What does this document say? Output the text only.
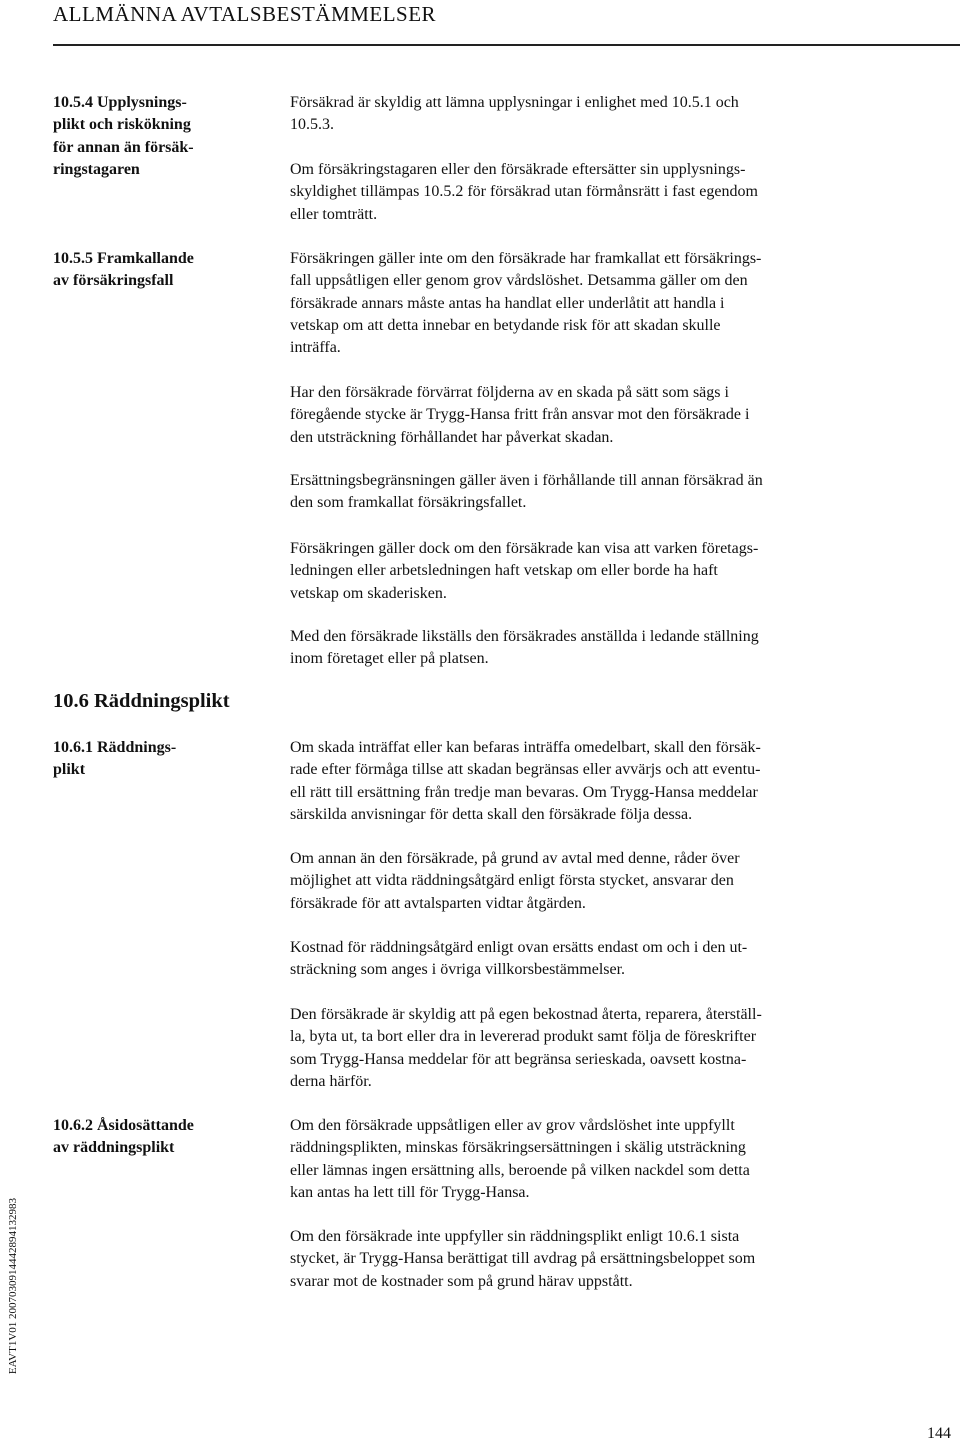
ALLMÄNNA AVTALSBESTÄMMELSER
10.5.4 Upplysnings-
plikt och riskökning
för annan än försäk-
ringstagaren
10.5.5 Framkallande
av försäkringsfall
10.6 Räddningsplikt
10.6.1 Räddnings-
plikt
10.6.2 Åsidosättande
av räddningsplikt
Försäkrad är skyldig att lämna upplysningar i enlighet med 10.5.1 och
10.5.3.
Om försäkringstagaren eller den försäkrade eftersätter sin upplysnings-
skyldighet tillämpas 10.5.2 för försäkrad utan förmånsrätt i fast egendom
eller tomträtt.
Försäkringen gäller inte om den försäkrade har framkallat ett försäkrings-
fall uppsåtligen eller genom grov vårdslöshet. Detsamma gäller om den
försäkrade annars måste antas ha handlat eller underlåtit att handla i
vetskap om att detta innebar en betydande risk för att skadan skulle
inträffa.
Har den försäkrade förvärrat följderna av en skada på sätt som sägs i
föregående stycke är Trygg-Hansa fritt från ansvar mot den försäkrade i
den utsträckning förhållandet har påverkat skadan.
Ersättningsbegränsningen gäller även i förhållande till annan försäkrad än
den som framkallat försäkringsfallet.
Försäkringen gäller dock om den försäkrade kan visa att varken företags-
ledningen eller arbetsledningen haft vetskap om eller borde ha haft
vetskap om skaderisken.
Med den försäkrade likställs den försäkrades anställda i ledande ställning
inom företaget eller på platsen.
Om skada inträffat eller kan befaras inträffa omedelbart, skall den försäk-
rade efter förmåga tillse att skadan begränsas eller avvärjs och att eventu-
ell rätt till ersättning från tredje man bevaras. Om Trygg-Hansa meddelar
särskilda anvisningar för detta skall den försäkrade följa dessa.
Om annan än den försäkrade, på grund av avtal med denne, råder över
möjlighet att vidta räddningsåtgärd enligt första stycket, ansvarar den
försäkrade för att avtalsparten vidtar åtgärden.
Kostnad för räddningsåtgärd enligt ovan ersätts endast om och i den ut-
sträckning som anges i övriga villkorsbestämmelser.
Den försäkrade är skyldig att på egen bekostnad återta, reparera, återställ-
la, byta ut, ta bort eller dra in levererad produkt samt följa de föreskrifter
som Trygg-Hansa meddelar för att begränsa serieskada, oavsett kostna-
derna härför.
Om den försäkrade uppsåtligen eller av grov vårdslöshet inte uppfyllt
räddningsplikten, minskas försäkringsersättningen i skälig utsträckning
eller lämnas ingen ersättning alls, beroende på vilken nackdel som detta
kan antas ha lett till för Trygg-Hansa.
Om den försäkrade inte uppfyller sin räddningsplikt enligt 10.6.1 sista
stycket, är Trygg-Hansa berättigat till avdrag på ersättningsbeloppet som
svarar mot de kostnader som på grund härav uppstått.
EAVT1V01 20070309144428941329​83
144
